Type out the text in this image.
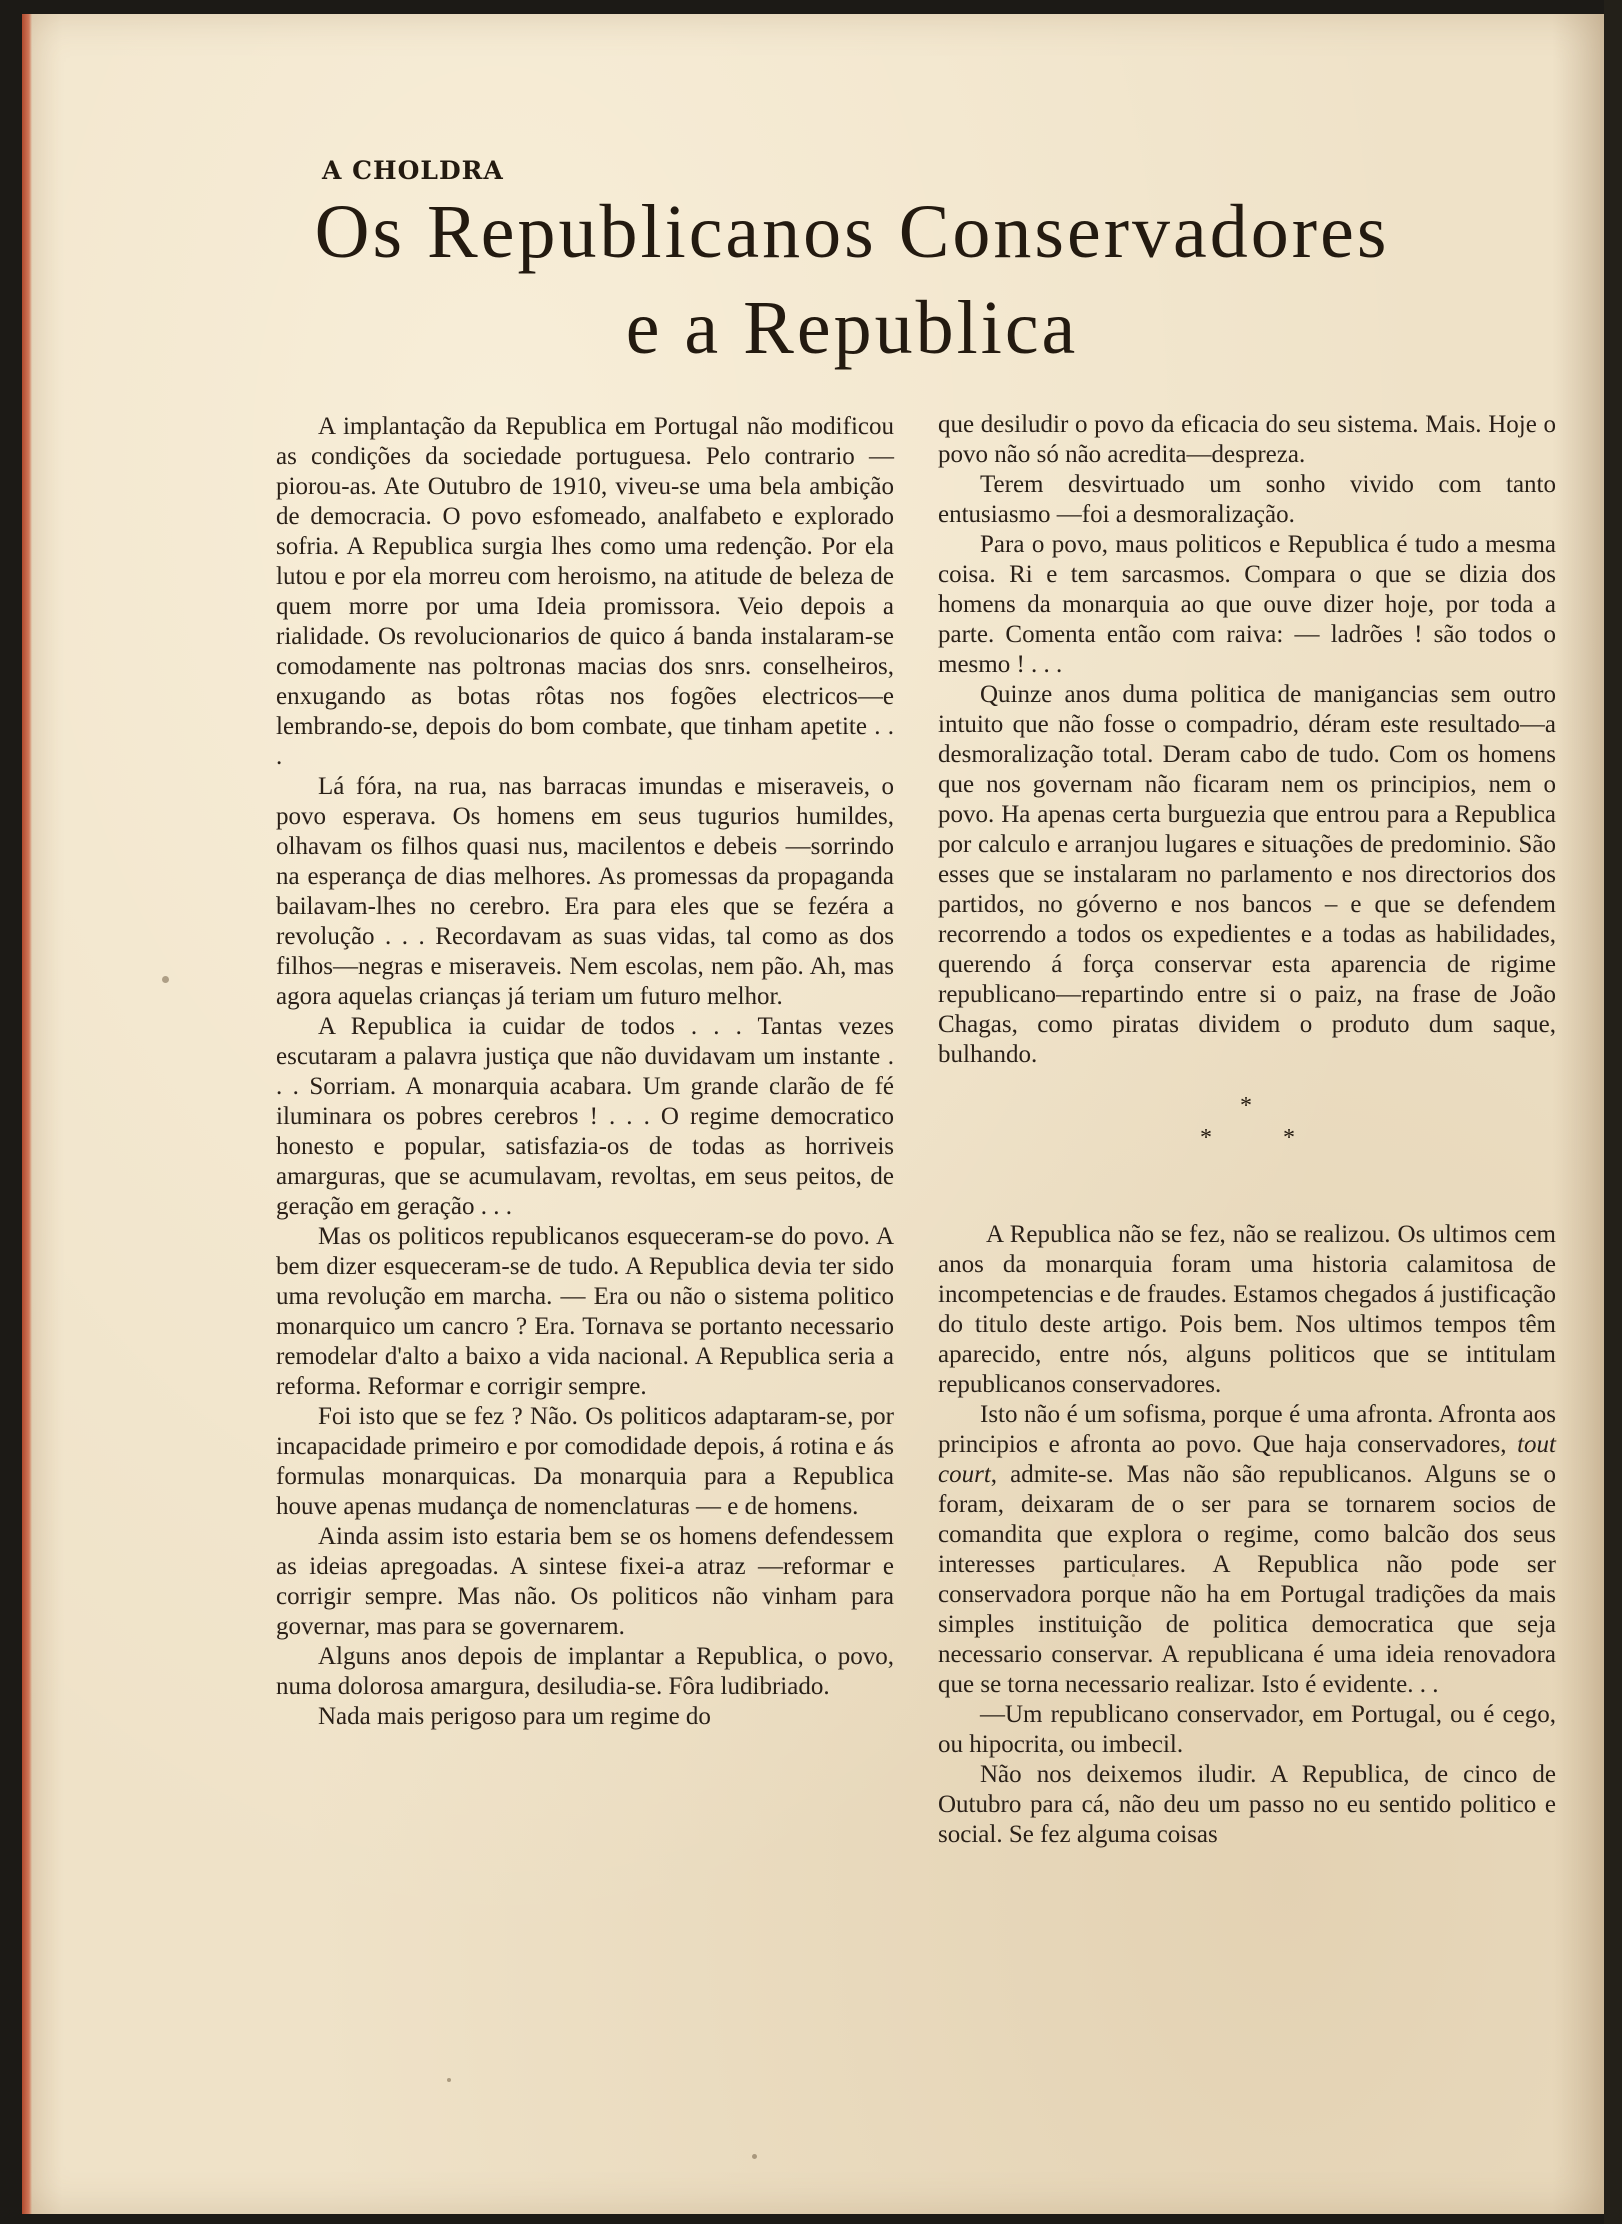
A CHOLDRA
Os Republicanos Conservadores
e a Republica

A implantação da Republica em Portugal não modificou as condições da sociedade portuguesa. Pelo contrario — piorou-as. Ate Outubro de 1910, viveu-se uma bela ambição de democracia. O povo esfomeado, analfabeto e explorado sofria. A Republica surgia lhes como uma redenção. Por ela lutou e por ela morreu com heroismo, na atitude de beleza de quem morre por uma Ideia promissora. Veio depois a rialidade. Os revolucionarios de quico á banda instalaram-se comodamente nas poltronas macias dos snrs. conselheiros, enxugando as botas rôtas nos fogões electricos—e lembrando-se, depois do bom combate, que tinham apetite . . .

Lá fóra, na rua, nas barracas imundas e miseraveis, o povo esperava. Os homens em seus tugurios humildes, olhavam os filhos quasi nus, macilentos e debeis —sorrindo na esperança de dias melhores. As promessas da propaganda bailavam-lhes no cerebro. Era para eles que se fezéra a revolução . . . Recordavam as suas vidas, tal como as dos filhos—negras e miseraveis. Nem escolas, nem pão. Ah, mas agora aquelas crianças já teriam um futuro melhor.

A Republica ia cuidar de todos . . . Tantas vezes escutaram a palavra justiça que não duvidavam um instante . . . Sorriam. A monarquia acabara. Um grande clarão de fé iluminara os pobres cerebros ! . . . O regime democratico honesto e popular, satisfazia-os de todas as horriveis amarguras, que se acumulavam, revoltas, em seus peitos, de geração em geração . . .

Mas os politicos republicanos esqueceram-se do povo. A bem dizer esqueceram-se de tudo. A Republica devia ter sido uma revolução em marcha. — Era ou não o sistema politico monarquico um cancro ? Era. Tornava se portanto necessario remodelar d'alto a baixo a vida nacional. A Republica seria a reforma. Reformar e corrigir sempre.

Foi isto que se fez ? Não. Os politicos adaptaram-se, por incapacidade primeiro e por comodidade depois, á rotina e ás formulas monarquicas. Da monarquia para a Republica houve apenas mudança de nomenclaturas — e de homens.

Ainda assim isto estaria bem se os homens defendessem as ideias apregoadas. A sintese fixei-a atraz —reformar e corrigir sempre. Mas não. Os politicos não vinham para governar, mas para se governarem.

Alguns anos depois de implantar a Republica, o povo, numa dolorosa amargura, desiludia-se. Fôra ludibriado.

Nada mais perigoso para um regime do

que desiludir o povo da eficacia do seu sistema. Mais. Hoje o povo não só não acredita—despreza.

Terem desvirtuado um sonho vivido com tanto entusiasmo —foi a desmoralização.

Para o povo, maus politicos e Republica é tudo a mesma coisa. Ri e tem sarcasmos. Compara o que se dizia dos homens da monarquia ao que ouve dizer hoje, por toda a parte. Comenta então com raiva: — ladrões ! são todos o mesmo ! . . .

Quinze anos duma politica de manigancias sem outro intuito que não fosse o compadrio, déram este resultado—a desmoralização total. Deram cabo de tudo. Com os homens que nos governam não ficaram nem os principios, nem o povo. Ha apenas certa burguezia que entrou para a Republica por calculo e arranjou lugares e situações de predominio. São esses que se instalaram no parlamento e nos directorios dos partidos, no góverno e nos bancos – e que se defendem recorrendo a todos os expedientes e a todas as habilidades, querendo á força conservar esta aparencia de rigime republicano—repartindo entre si o paiz, na frase de João Chagas, como piratas dividem o produto dum saque, bulhando.

*
*	*

A Republica não se fez, não se realizou. Os ultimos cem anos da monarquia foram uma historia calamitosa de incompetencias e de fraudes. Estamos chegados á justificação do titulo deste artigo. Pois bem. Nos ultimos tempos têm aparecido, entre nós, alguns politicos que se intitulam republicanos conservadores.

Isto não é um sofisma, porque é uma afronta. Afronta aos principios e afronta ao povo. Que haja conservadores, tout court, admite-se. Mas não são republicanos. Alguns se o foram, deixaram de o ser para se tornarem socios de comandita que explora o regime, como balcão dos seus interesses particulares. A Republica não pode ser conservadora porque não ha em Portugal tradições da mais simples instituição de politica democratica que seja necessario conservar. A republicana é uma ideia renovadora que se torna necessario realizar. Isto é evidente. . .

—Um republicano conservador, em Portugal, ou é cego, ou hipocrita, ou imbecil.

Não nos deixemos iludir. A Republica, de cinco de Outubro para cá, não deu um passo no eu sentido politico e social. Se fez alguma coisas
